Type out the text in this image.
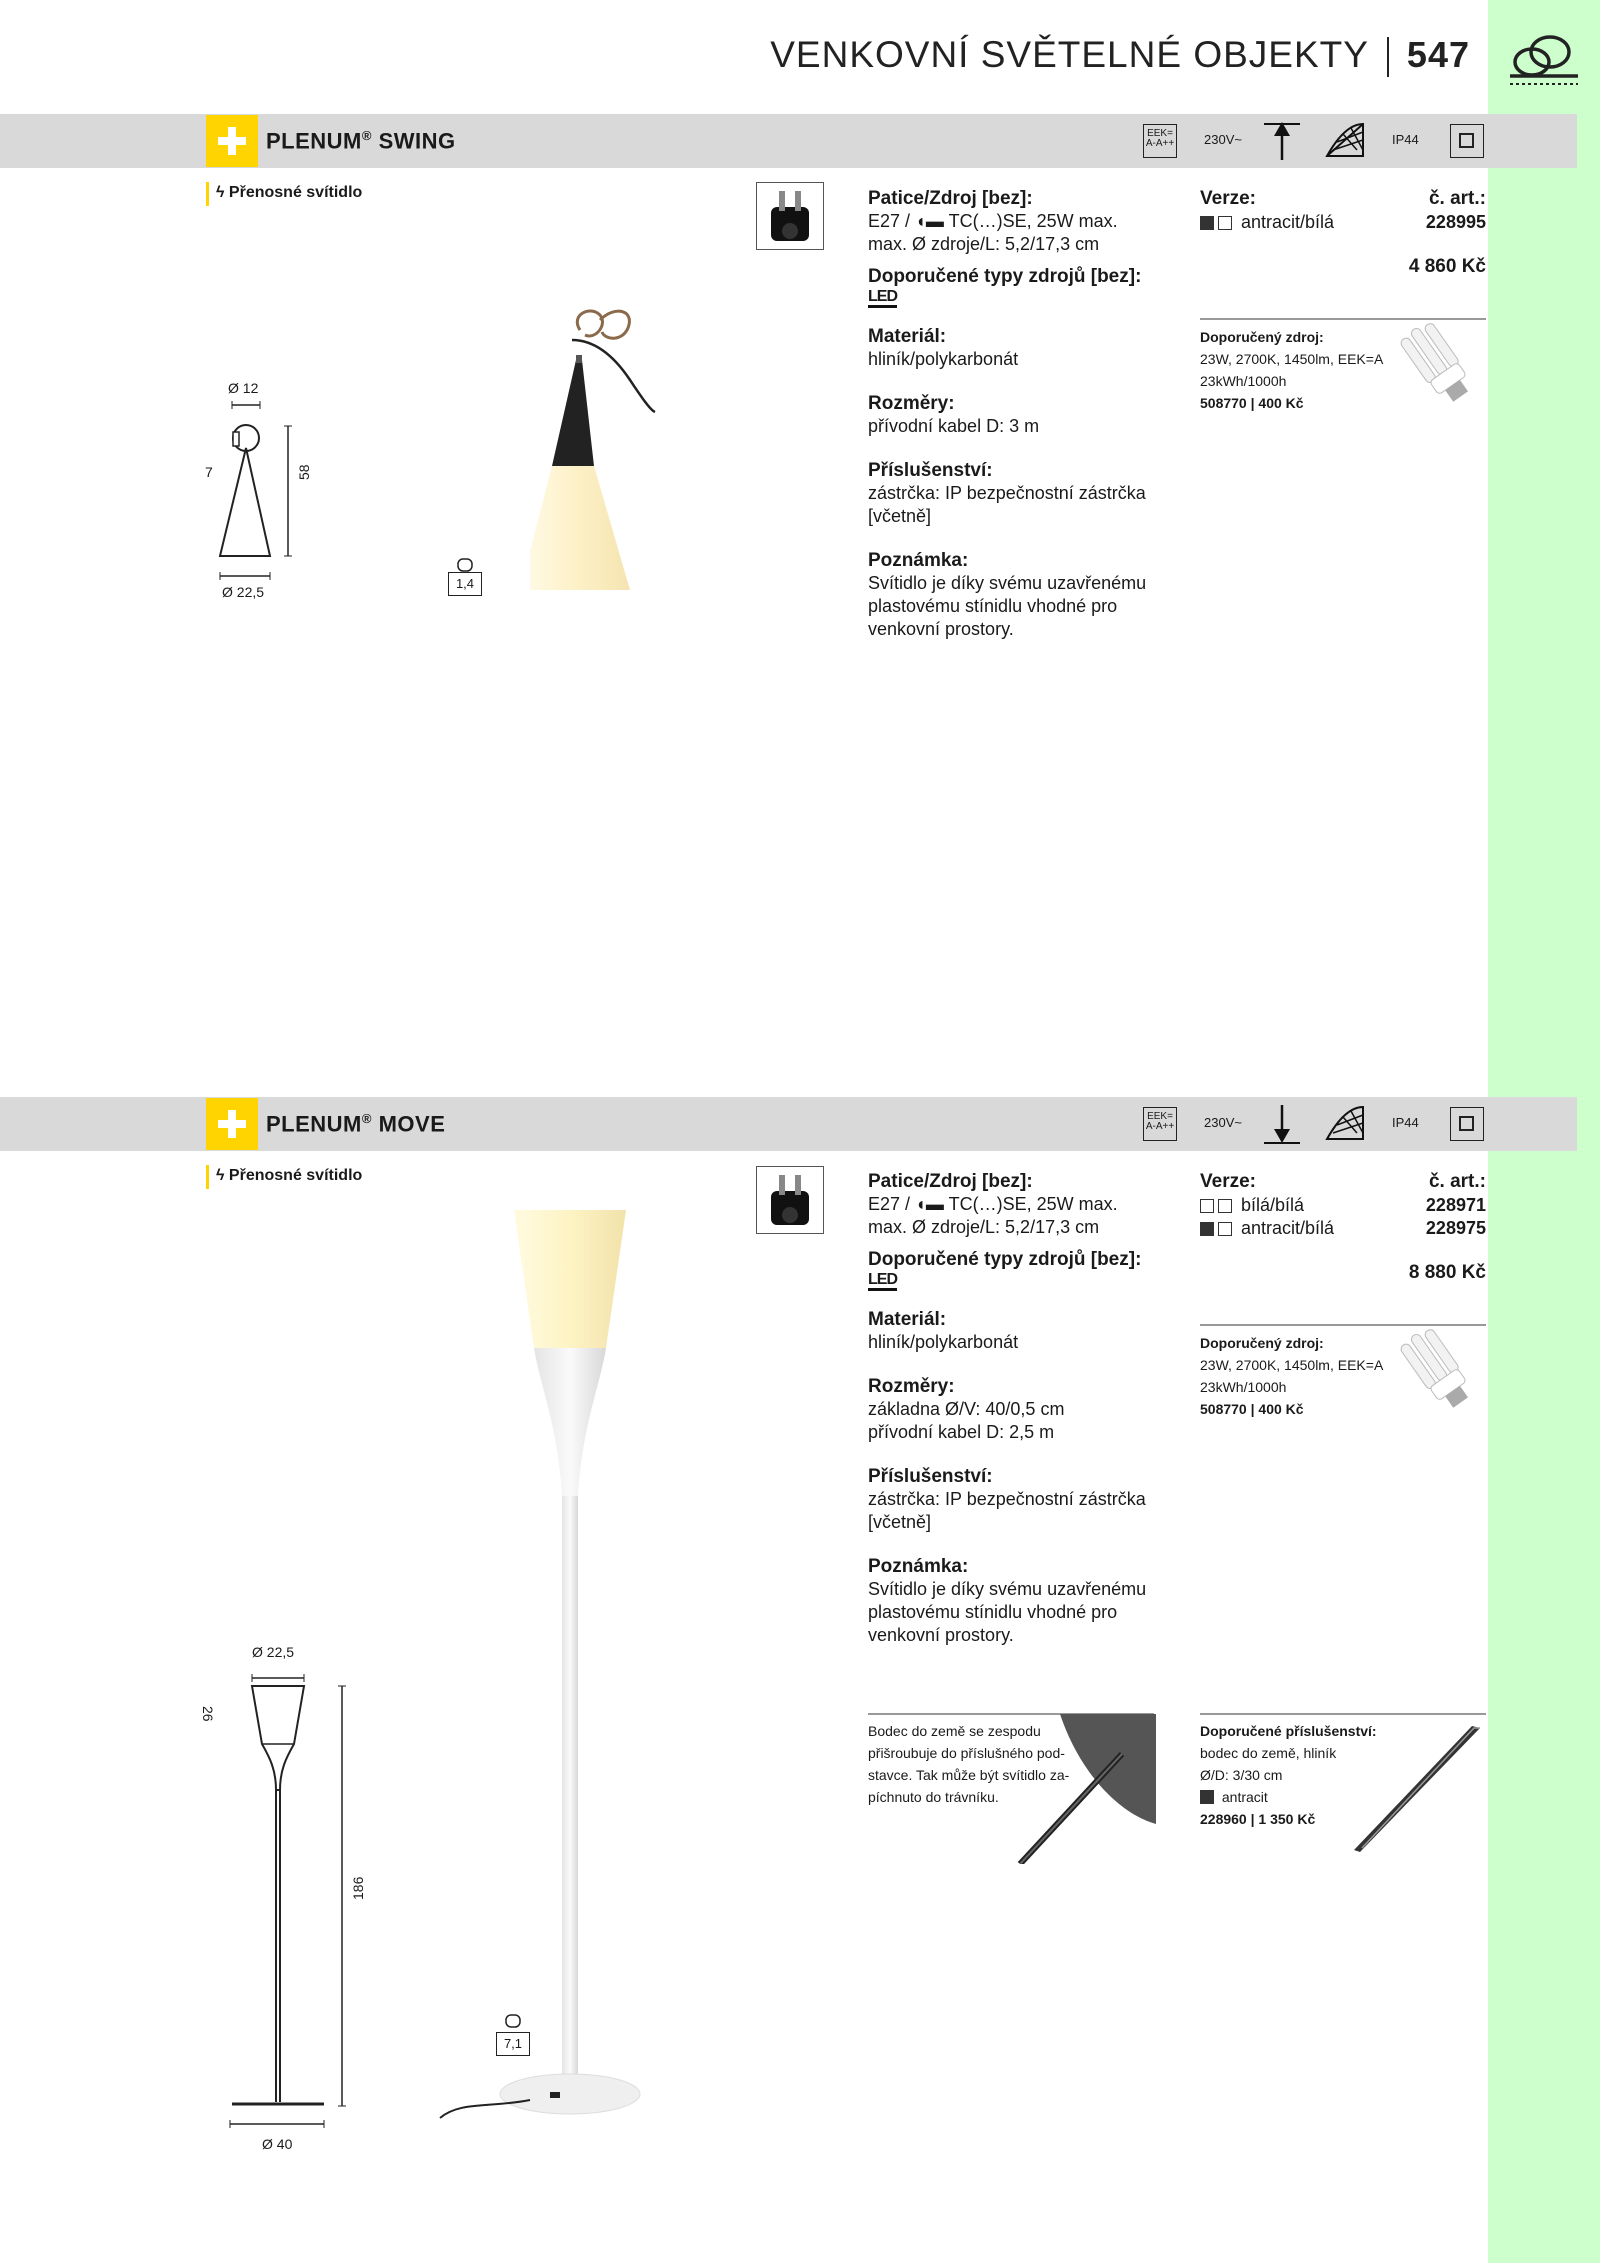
VENKOVNÍ SVĚTELNÉ OBJEKTY 547
PLENUM® SWING	EEK= A-A++ 230V~	IP44
ϟ Přenosné svítidlo
Ø 12
7	58
Ø 22,5
1,4
Patice/Zdroj [bez]:
E27 / ◖▬ TC(…)SE, 25W max.
max. Ø zdroje/L: 5,2/17,3 cm
Doporučené typy zdrojů [bez]:
LED
Materiál:
hliník/polykarbonát
Rozměry:
přívodní kabel D: 3 m
Příslušenství:
zástrčka: IP bezpečnostní zástrčka
[včetně]
Poznámka:
Svítidlo je díky svému uzavřenému
plastovému stínidlu vhodné pro
venkovní prostory.
Verze:	č. art.:
antracit/bílá	228995
4 860 Kč
Doporučený zdroj:
23W, 2700K, 1450lm, EEK=A
23kWh/1000h
508770 | 400 Kč
PLENUM® MOVE	EEK= A-A++ 230V~	IP44
ϟ Přenosné svítidlo
Ø 22,5
26
186
Ø 40
7,1
Patice/Zdroj [bez]:
E27 / ◖▬ TC(…)SE, 25W max.
max. Ø zdroje/L: 5,2/17,3 cm
Doporučené typy zdrojů [bez]:
LED
Materiál:
hliník/polykarbonát
Rozměry:
základna Ø/V: 40/0,5 cm
přívodní kabel D: 2,5 m
Příslušenství:
zástrčka: IP bezpečnostní zástrčka
[včetně]
Poznámka:
Svítidlo je díky svému uzavřenému
plastovému stínidlu vhodné pro
venkovní prostory.
Verze:	č. art.:
bílá/bílá	228971
antracit/bílá	228975
8 880 Kč
Doporučený zdroj:
23W, 2700K, 1450lm, EEK=A
23kWh/1000h
508770 | 400 Kč
Bodec do země se zespodu
přišroubuje do příslušného pod-
stavce. Tak může být svítidlo za-
píchnuto do trávníku.
Doporučené příslušenství:
bodec do země, hliník
Ø/D: 3/30 cm
antracit
228960 | 1 350 Kč
